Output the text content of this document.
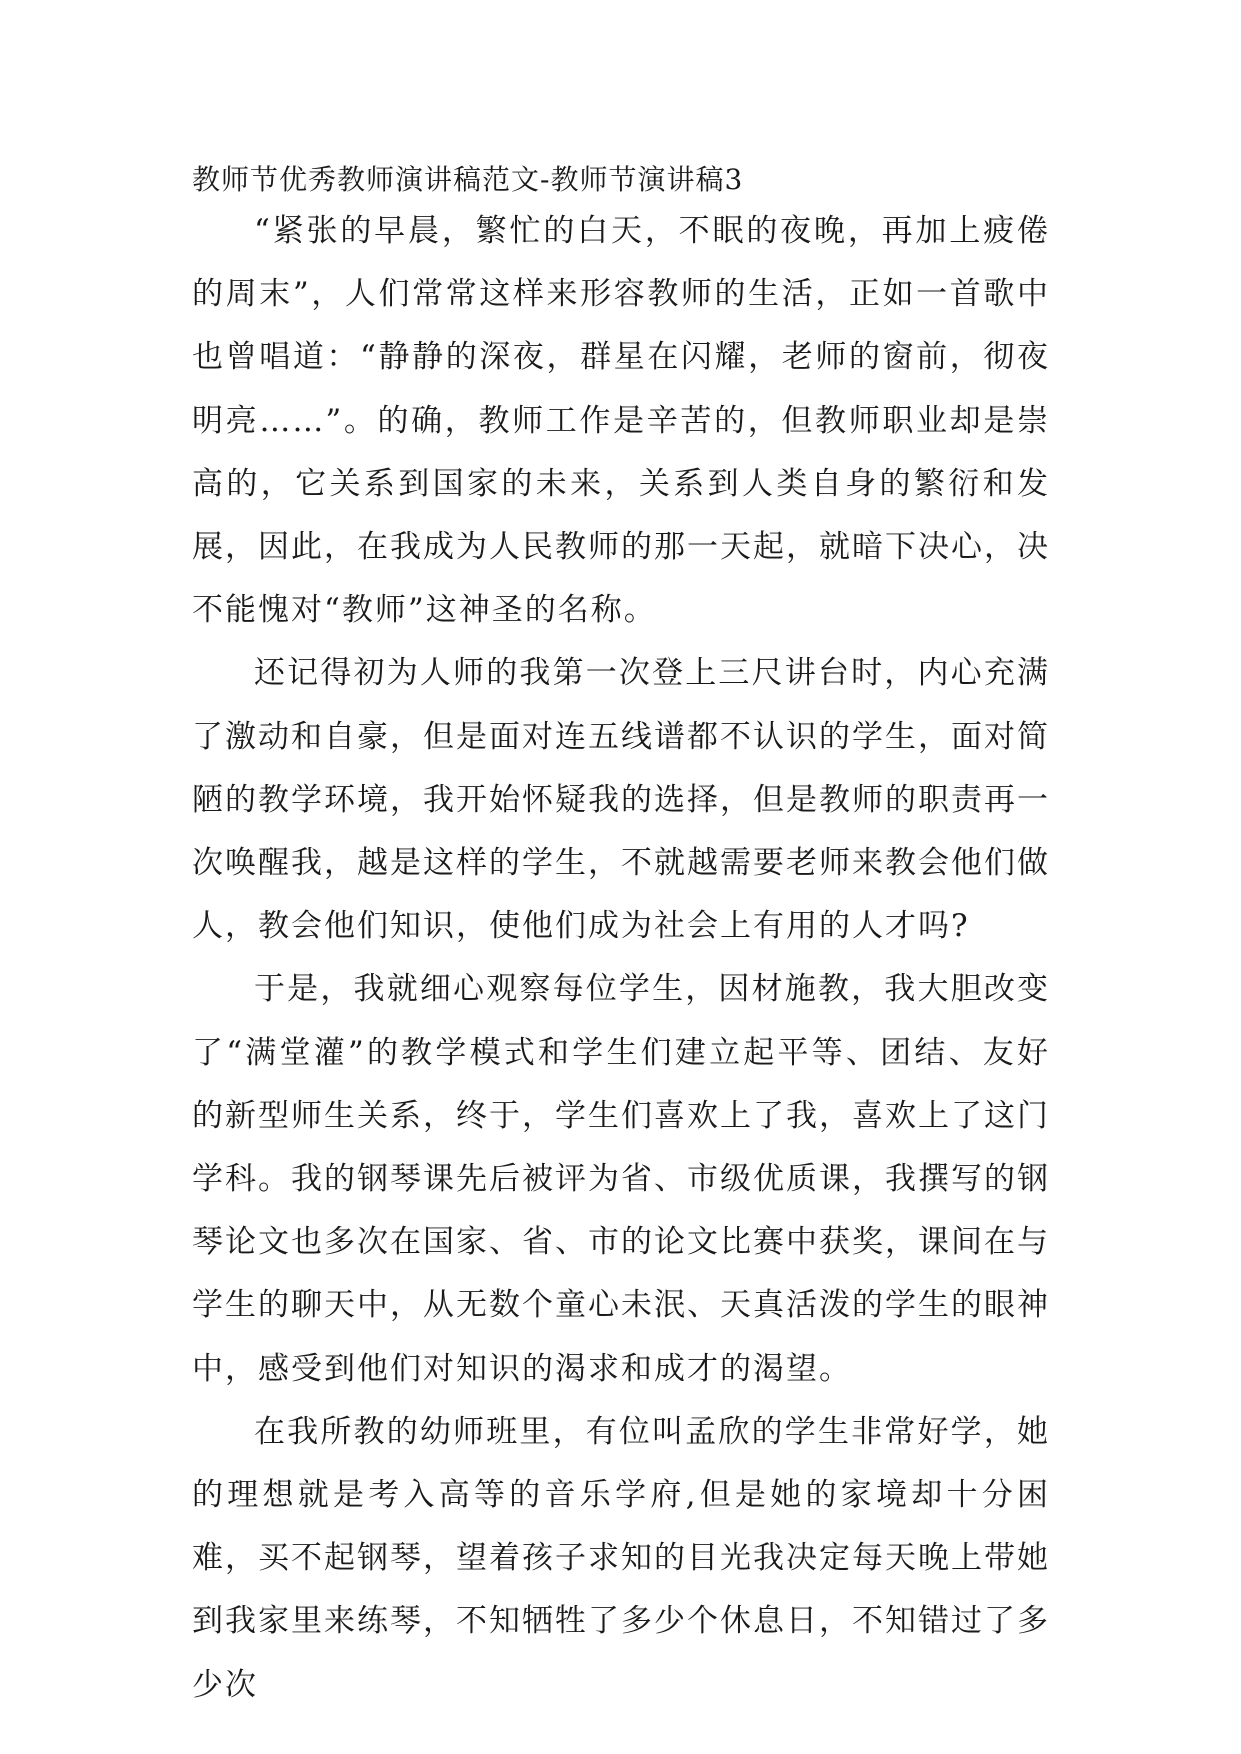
教师节优秀教师演讲稿范文-教师节演讲稿3

“紧张的早晨，繁忙的白天，不眠的夜晚，再加上疲倦的周末”，人们常常这样来形容教师的生活，正如一首歌中也曾唱道：“静静的深夜，群星在闪耀，老师的窗前，彻夜明亮……”。的确，教师工作是辛苦的，但教师职业却是崇高的，它关系到国家的未来，关系到人类自身的繁衍和发展，因此，在我成为人民教师的那一天起，就暗下决心，决不能愧对“教师”这神圣的名称。

还记得初为人师的我第一次登上三尺讲台时，内心充满了激动和自豪，但是面对连五线谱都不认识的学生，面对简陋的教学环境，我开始怀疑我的选择，但是教师的职责再一次唤醒我，越是这样的学生，不就越需要老师来教会他们做人，教会他们知识，使他们成为社会上有用的人才吗?

于是，我就细心观察每位学生，因材施教，我大胆改变了“满堂灌”的教学模式和学生们建立起平等、团结、友好的新型师生关系，终于，学生们喜欢上了我，喜欢上了这门学科。我的钢琴课先后被评为省、市级优质课，我撰写的钢琴论文也多次在国家、省、市的论文比赛中获奖，课间在与学生的聊天中，从无数个童心未泯、天真活泼的学生的眼神中，感受到他们对知识的渴求和成才的渴望。

在我所教的幼师班里，有位叫孟欣的学生非常好学，她的理想就是考入高等的音乐学府,但是她的家境却十分困难，买不起钢琴，望着孩子求知的目光我决定每天晚上带她到我家里来练琴，不知牺牲了多少个休息日，不知错过了多少次
